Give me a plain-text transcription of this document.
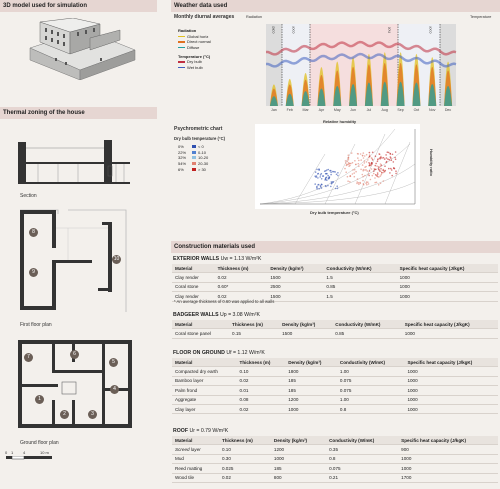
3D model used for simulation
Thermal zoning of the house
Section
8
9
10
First floor plan
7	6
5
4
3
2
1
Ground floor plan
0 1 4	10 m
Weather data used
Monthly diurnal averages
Radiation
Global horiz
Direct normal
Diffuse
Temperature (°C)
Dry bulb
Wet bulb
Radiation	Temperature
cold	cool	hot	cool
Jan	Feb	Mar	Apr	May	Jun	Jul	Aug	Sep	Oct	Nov	Dec
Psychrometric chart
Dry bulb temperature (°C)
0%	< 0
22%	0-10
32%	10-20
54%	20-30
6%	> 30
Relative humidity
Humidity ratio
Dry bulb temperature (°C)
Construction materials used
EXTERIOR WALLS Uw = 1.13 W/m²K
Material	Thickness (m)	Density (kg/m³)	Conductivity (W/mK)	Specific heat capacity (J/kgK)
Clay render	0.02	1500	1.5	1000
Coral stone	0.60*	2500	0.85	1000
Clay render	0.02	1500	1.5	1000
* An average thickness of 0.60 was applied to all walls
BADGEER WALLS Up = 3.08 W/m²K
Material	Thickness (m)	Density (kg/m³)	Conductivity (W/mK)	Specific heat capacity (J/kgK)
Coral stone panel	0.15	1500	0.85	1000
FLOOR ON GROUND Uf = 1.12 W/m²K
Material	Thickness (m)	Density (kg/m³)	Conductivity (W/mK)	Specific heat capacity (J/kgK)
Compacted dry earth	0.10	1800	1.00	1000
Bamboo layer	0.02	185	0.075	1000
Palm frond	0.01	185	0.075	1000
Aggregate	0.08	1200	1.00	1000
Clay layer	0.02	1000	0.8	1000
ROOF Ur = 0.79 W/m²K
Material	Thickness (m)	Density (kg/m³)	Conductivity (W/mK)	Specific heat capacity (J/kgK)
Screed layer	0.10	1200	0.35	900
Mud	0.30	1000	0.8	1000
Reed matting	0.025	185	0.075	1000
Wood tile	0.02	800	0.21	1700
